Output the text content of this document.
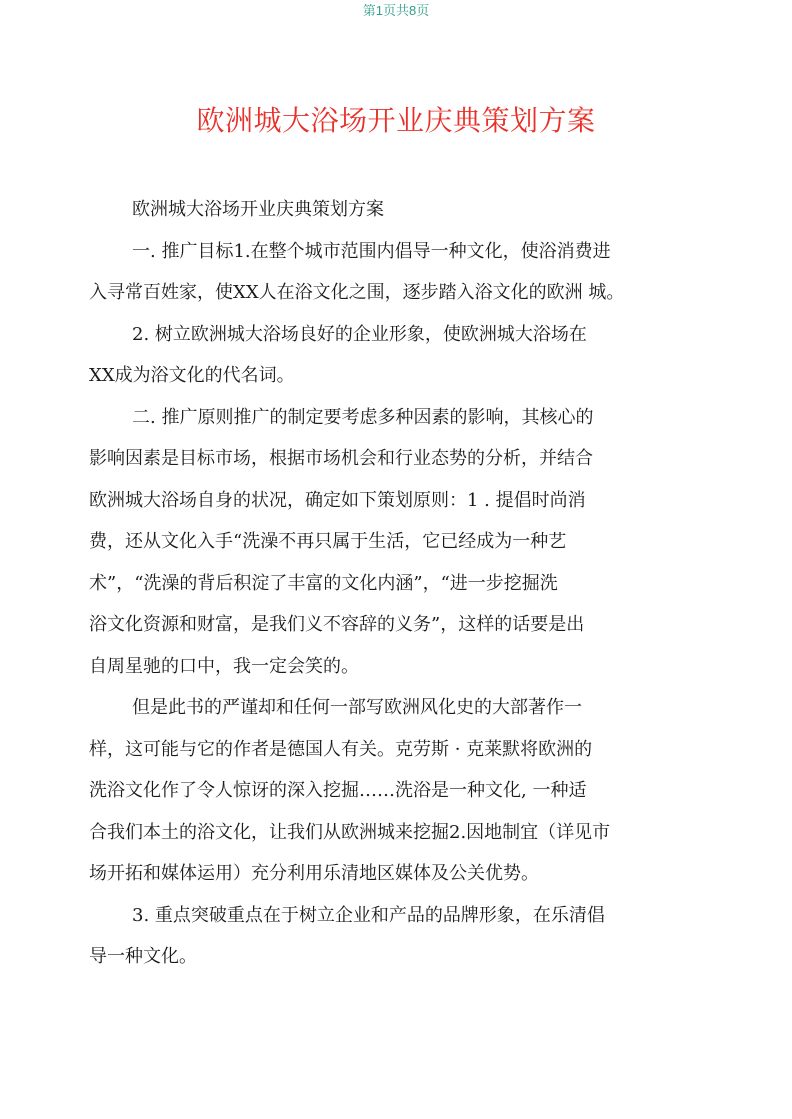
第1页共8页
欧洲城大浴场开业庆典策划方案
欧洲城大浴场开业庆典策划方案
一. 推广目标1.在整个城市范围内倡导一种文化，使浴消费进
入寻常百姓家，使XX人在浴文化之围，逐步踏入浴文化的欧洲 城。
2. 树立欧洲城大浴场良好的企业形象，使欧洲城大浴场在
XX成为浴文化的代名词。
二. 推广原则推广的制定要考虑多种因素的影响，其核心的
影响因素是目标市场，根据市场机会和行业态势的分析，并结合
欧洲城大浴场自身的状况，确定如下策划原则：1 . 提倡时尚消
费，还从文化入手“洗澡不再只属于生活，它已经成为一种艺
术”，“洗澡的背后积淀了丰富的文化内涵”，“进一步挖掘洗
浴文化资源和财富，是我们义不容辞的义务”，这样的话要是出
自周星驰的口中，我一定会笑的。
但是此书的严谨却和任何一部写欧洲风化史的大部著作一
样，这可能与它的作者是德国人有关。克劳斯 · 克莱默将欧洲的
洗浴文化作了令人惊讶的深入挖掘……洗浴是一种文化, 一种适
合我们本土的浴文化，让我们从欧洲城来挖掘2.因地制宜（详见市
场开拓和媒体运用）充分利用乐清地区媒体及公关优势。
3. 重点突破重点在于树立企业和产品的品牌形象，在乐清倡
导一种文化。
